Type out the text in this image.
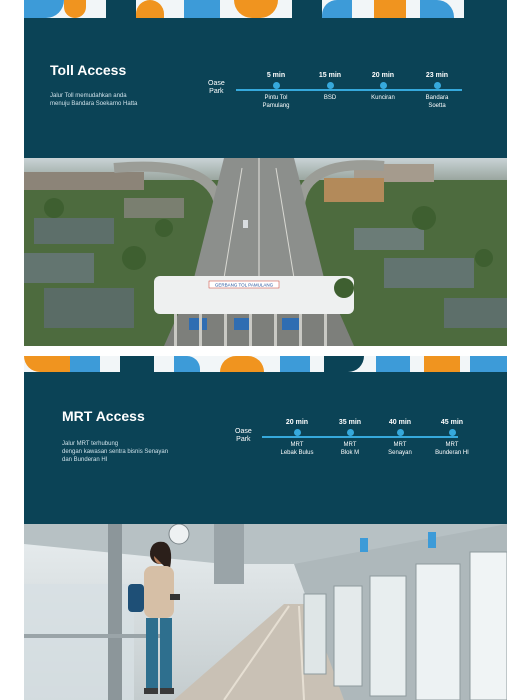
Toll Access
Jalur Toll memudahkan anda
menuju Bandara Soekarno Hatta
Oase
Park
5 min
Pintu Tol
Pamulang
15 min
BSD
20 min
Kunciran
23 min
Bandara
Soetta
GERBANG TOL PAMULANG
MRT Access
Jalur MRT terhubung
dengan kawasan sentra bisnis Senayan
dan Bunderan HI
Oase
Park
20 min
MRT
Lebak Bulus
35 min
MRT
Blok M
40 min
MRT
Senayan
45 min
MRT
Bunderan HI
